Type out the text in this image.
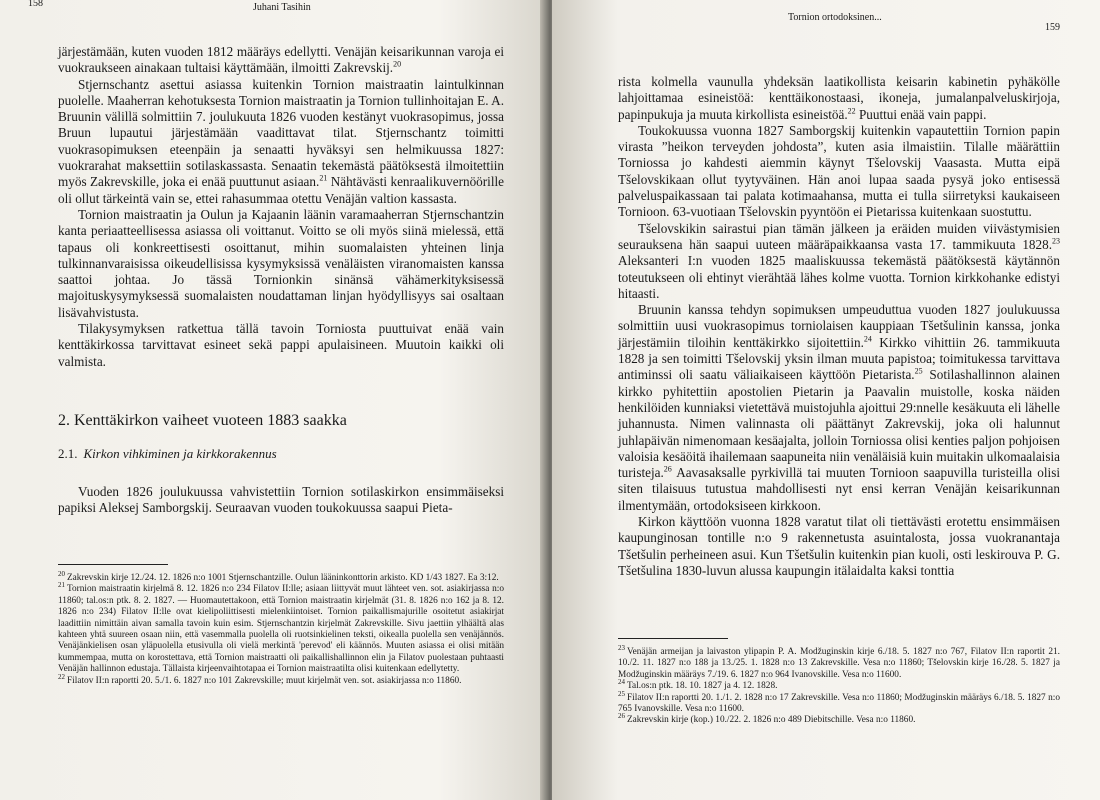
158	Juhani Tasihin

järjestämään, kuten vuoden 1812 määräys edellytti. Venäjän keisarikunnan varoja ei vuokraukseen ainakaan tultaisi käyttämään, ilmoitti Zakrevskij.$^{20}$

Stjernschantz asettui asiassa kuitenkin Tornion maistraatin laintulkinnan puolelle. Maaherran kehotuksesta Tornion maistraatin ja Tornion tullinhoitajan E. A. Bruunin välillä solmittiin 7. joulukuuta 1826 vuoden kestänyt vuokrasopimus, jossa Bruun lupautui järjestämään vaadittavat tilat. Stjernschantz toimitti vuokrasopimuksen eteenpäin ja senaatti hyväksyi sen helmikuussa 1827: vuokrarahat maksettiin sotilaskassasta. Senaatin tekemästä päätöksestä ilmoitettiin myös Zakrevskille, joka ei enää puuttunut asiaan.$^{21}$ Nähtävästi kenraalikuvernöörille oli ollut tärkeintä vain se, ettei rahasummaa otettu Venäjän valtion kassasta.

Tornion maistraatin ja Oulun ja Kajaanin läänin varamaaherran Stjernschantzin kanta periaatteellisessa asiassa oli voittanut. Voitto se oli myös siinä mielessä, että tapaus oli konkreettisesti osoittanut, mihin suomalaisten yhteinen linja tulkinnanvaraisissa oikeudellisissa kysymyksissä venäläisten viranomaisten kanssa saattoi johtaa. Jo tässä Tornionkin sinänsä vähämerkityksisessä majoituskysymyksessä suomalaisten noudattaman linjan hyödyllisyys sai osaltaan lisävahvistusta.

Tilakysymyksen ratkettua tällä tavoin Torniosta puuttuivat enää vain kenttäkirkossa tarvittavat esineet sekä pappi apulaisineen. Muutoin kaikki oli valmista.

2. Kenttäkirkon vaiheet vuoteen 1883 saakka
2.1. Kirkon vihkiminen ja kirkkorakennus

Vuoden 1826 joulukuussa vahvistettiin Tornion sotilaskirkon ensimmäiseksi papiksi Aleksej Samborgskij. Seuraavan vuoden toukokuussa saapui Pieta-

$^{20}$ Zakrevskin kirje 12./24. 12. 1826 n:o 1001 Stjernschantzille. Oulun lääninkonttorin arkisto. KD 1/43 1827. Ea 3:12.

$^{21}$ Tornion maistraatin kirjelmä 8. 12. 1826 n:o 234 Filatov II:lle; asiaan liittyvät muut lähteet ven. sot. asiakirjassa n:o 11860; tal.os:n ptk. 8. 2. 1827. — Huomautettakoon, että Tornion maistraatin kirjelmät (31. 8. 1826 n:o 162 ja 8. 12. 1826 n:o 234) Filatov II:lle ovat kielipoliittisesti mielenkiintoiset. Tornion paikallismajurille osoitetut asiakirjat laadittiin nimittäin aivan samalla tavoin kuin esim. Stjernschantzin kirjelmät Zakrevskille. Sivu jaettiin ylhäältä alas kahteen yhtä suureen osaan niin, että vasemmalla puolella oli ruotsinkielinen teksti, oikealla puolella sen venäjännös. Venäjänkielisen osan yläpuolella etusivulla oli vielä merkintä 'perevod' eli käännös. Muuten asiassa ei olisi mitään kummempaa, mutta on korostettava, että Tornion maistraatti oli paikallishallinnon elin ja Filatov puolestaan puhtaasti Venäjän hallinnon edustaja. Tällaista kirjeenvaihtotapaa ei Tornion maistraatilta olisi kuitenkaan edellytetty.

$^{22}$ Filatov II:n raportti 20. 5./1. 6. 1827 n:o 101 Zakrevskille; muut kirjelmät ven. sot. asiakirjassa n:o 11860.

Tornion ortodoksinen...
159

rista kolmella vaunulla yhdeksän laatikollista keisarin kabinetin pyhäkölle lahjoittamaa esineistöä: kenttäikonostaasi, ikoneja, jumalanpalveluskirjoja, papinpukuja ja muuta kirkollista esineistöä.$^{22}$ Puuttui enää vain pappi.

Toukokuussa vuonna 1827 Samborgskij kuitenkin vapautettiin Tornion papin virasta ”heikon terveyden johdosta”, kuten asia ilmaistiin. Tilalle määrättiin Torniossa jo kahdesti aiemmin käynyt Tšelovskij Vaasasta. Mutta eipä Tšelovskikaan ollut tyytyväinen. Hän anoi lupaa saada pysyä joko entisessä palveluspaikassaan tai palata kotimaahansa, mutta ei tulla siirretyksi kaukaiseen Tornioon. 63-vuotiaan Tšelovskin pyyntöön ei Pietarissa kuitenkaan suostuttu.

Tšelovskikin sairastui pian tämän jälkeen ja eräiden muiden viivästymisien seurauksena hän saapui uuteen määräpaikkaansa vasta 17. tammikuuta 1828.23 Aleksanteri I:n vuoden 1825 maaliskuussa tekemästä päätöksestä käytännön toteutukseen oli ehtinyt vierähtää lähes kolme vuotta. Tornion kirkkohanke edistyi hitaasti.

Bruunin kanssa tehdyn sopimuksen umpeuduttua vuoden 1827 joulukuussa solmittiin uusi vuokrasopimus torniolaisen kauppiaan Tšetšulinin kanssa, jonka järjestämiin tiloihin kenttäkirkko sijoitettiin.$^{24}$ Kirkko vihittiin 26. tammikuuta 1828 ja sen toimitti Tšelovskij yksin ilman muuta papistoa; toimitukessa tarvittava antiminssi oli saatu väliaikaiseen käyttöön Pietarista.$^{25}$ Sotilashallinnon alainen kirkko pyhitettiin apostolien Pietarin ja Paavalin muistolle, koska näiden henkilöiden kunniaksi vietettävä muistojuhla ajoittui 29:nnelle kesäkuuta eli lähelle juhannusta. Nimen valinnasta oli päättänyt Zakrevskij, joka oli halunnut juhlapäivän nimenomaan kesäajalta, jolloin Torniossa olisi kenties paljon pohjoisen valoisia kesäöitä ihailemaan saapuneita niin venäläisiä kuin muitakin ulkomaalaisia turisteja.$^{26}$ Aavasaksalle pyrkivillä tai muuten Tornioon saapuvilla turisteilla olisi siten tilaisuus tutustua mahdollisesti nyt ensi kerran Venäjän keisarikunnan ilmentymään, ortodoksiseen kirkkoon.

Kirkon käyttöön vuonna 1828 varatut tilat oli tiettävästi erotettu ensimmäisen kaupunginosan tontille n:o 9 rakennetusta asuintalosta, jossa vuokranantaja Tšetšulin perheineen asui. Kun Tšetšulin kuitenkin pian kuoli, osti leskirouva P. G. Tšetšulina 1830-luvun alussa kaupungin itälaidalta kaksi tonttia

$^{23}$ Venäjän armeijan ja laivaston ylipapin P. A. Modžuginskin kirje 6./18. 5. 1827 n:o 767, Filatov II:n raportit 21. 10./2. 11. 1827 n:o 188 ja 13./25. 1. 1828 n:o 13 Zakrevskille. Vesa n:o 11860; Tšelovskin kirje 16./28. 5. 1827 ja Modžuginskin määräys 7./19. 6. 1827 n:o 964 Ivanovskille. Vesa n:o 11600.

$^{24}$ Tal.os:n ptk. 18. 10. 1827 ja 4. 12. 1828.

$^{25}$ Filatov II:n raportti 20. 1./1. 2. 1828 n:o 17 Zakrevskille. Vesa n:o 11860; Modžuginskin määräys 6./18. 5. 1827 n:o 765 Ivanovskille. Vesa n:o 11600.

$^{26}$ Zakrevskin kirje (kop.) 10./22. 2. 1826 n:o 489 Diebitschille. Vesa n:o 11860.
